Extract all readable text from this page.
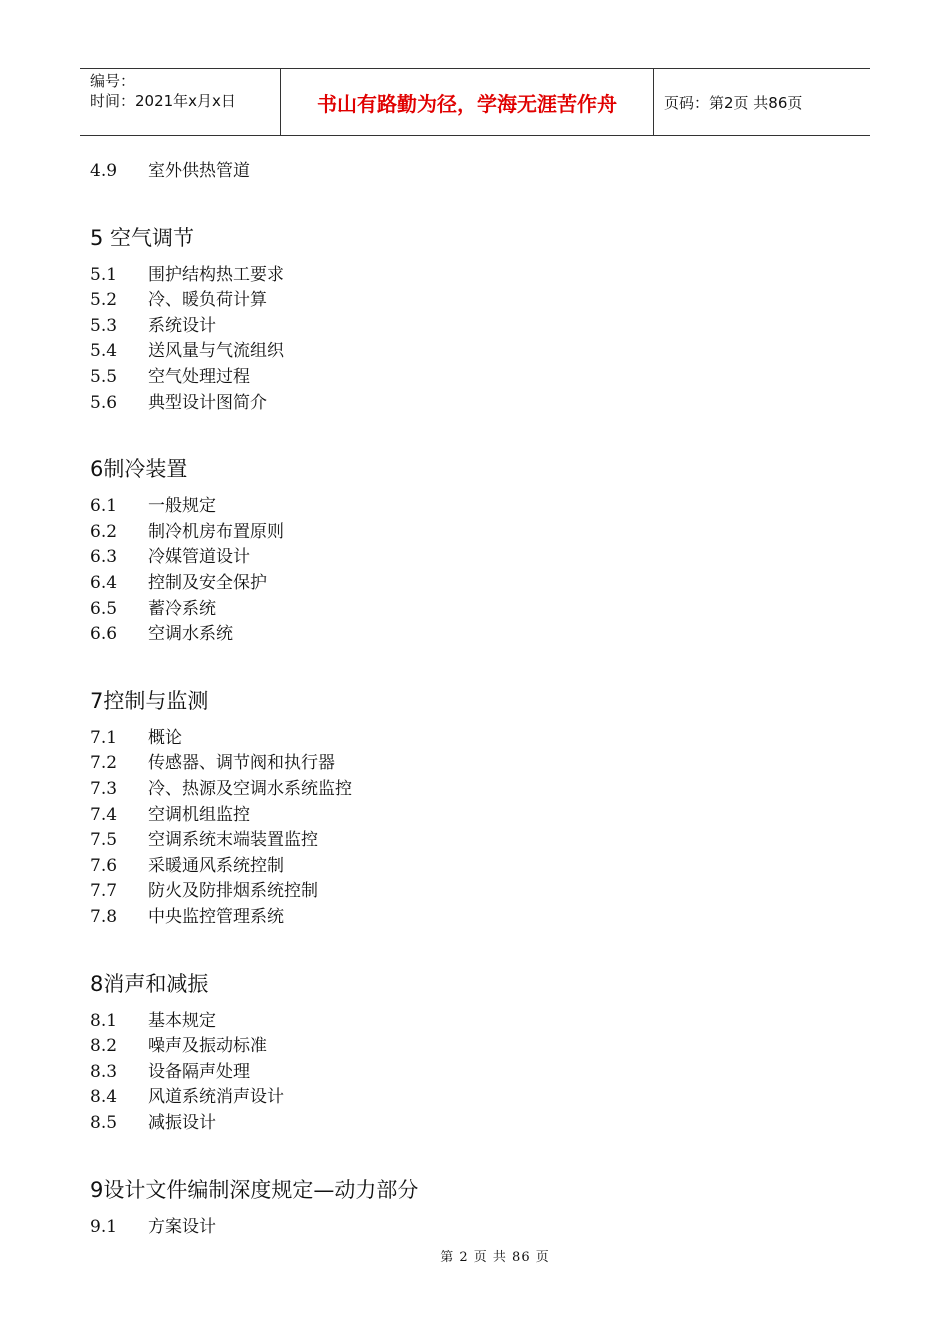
编号：
时间：2021年x月x日	书山有路勤为径，学海无涯苦作舟	页码：第2页 共86页
4.9 室外供热管道
5 空气调节
5.1 围护结构热工要求
5.2 冷、暖负荷计算
5.3 系统设计
5.4 送风量与气流组织
5.5 空气处理过程
5.6 典型设计图简介
6制冷装置
6.1 一般规定
6.2 制冷机房布置原则
6.3 冷媒管道设计
6.4 控制及安全保护
6.5 蓄冷系统
6.6 空调水系统
7控制与监测
7.1 概论
7.2 传感器、调节阀和执行器
7.3 冷、热源及空调水系统监控
7.4 空调机组监控
7.5 空调系统末端装置监控
7.6 采暖通风系统控制
7.7 防火及防排烟系统控制
7.8 中央监控管理系统
8消声和减振
8.1 基本规定
8.2 噪声及振动标准
8.3 设备隔声处理
8.4 风道系统消声设计
8.5 减振设计
9设计文件编制深度规定—动力部分
9.1 方案设计
第 2 页 共 86 页
